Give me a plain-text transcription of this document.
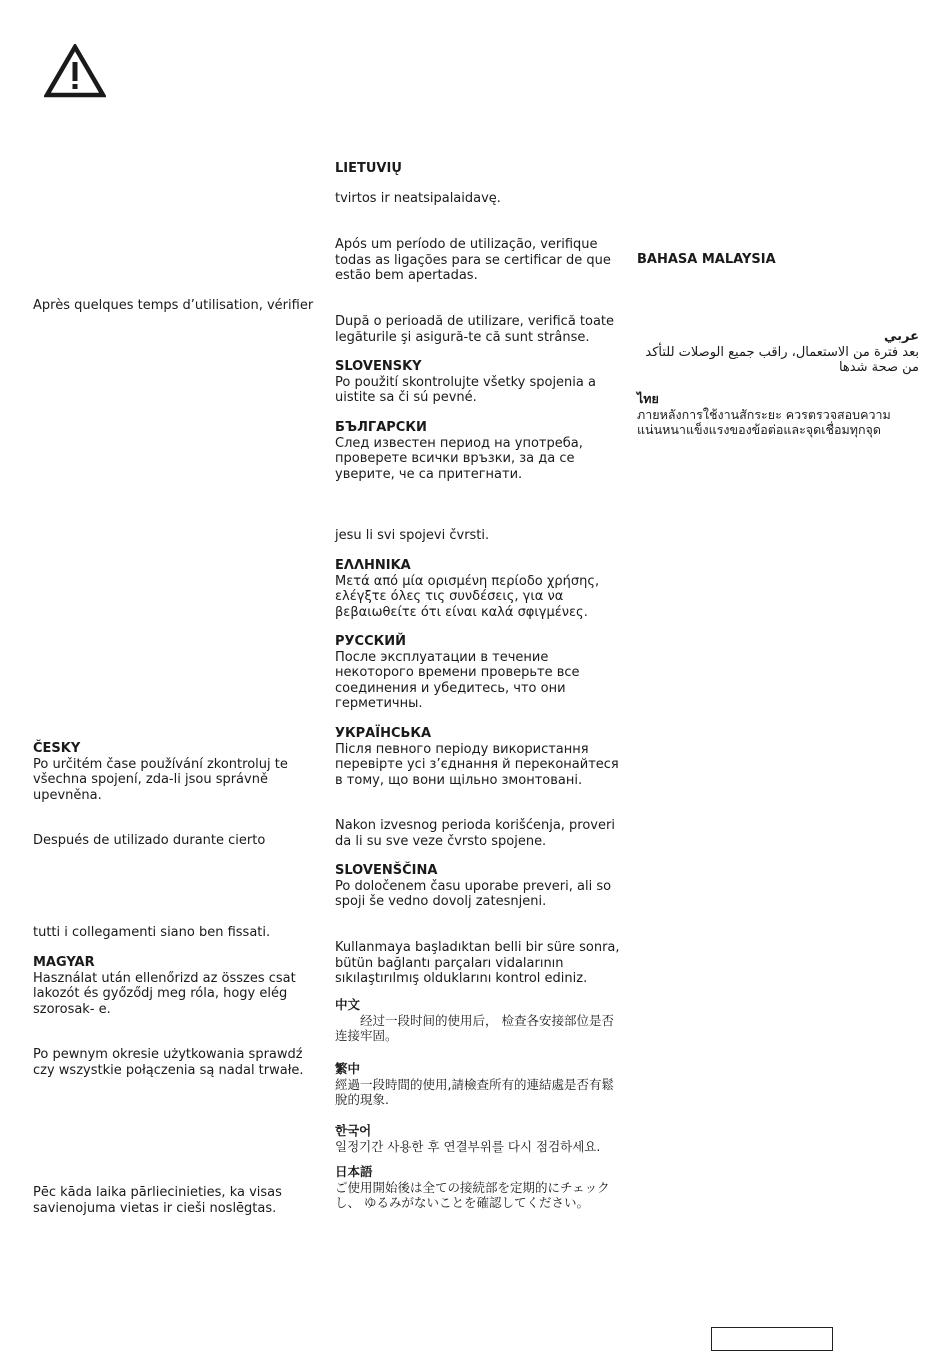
Après quelques temps d’utilisation, vérifier
ČESKY
Po určitém čase používání zkontroluj te všechna spojení, zda-li jsou správně upevněna.
Después de utilizado durante cierto
tutti i collegamenti siano ben fissati.
MAGYAR
Használat után ellenőrizd az összes csat lakozót és győződj meg róla, hogy elég szorosak- e.
Po pewnym okresie użytkowania sprawdź czy wszystkie połączenia są nadal trwałe.
Pēc kāda laika pārliecinieties, ka visas savienojuma vietas ir cieši noslēgtas.
LIETUVIŲ
tvirtos ir neatsipalaidavę.
Após um período de utilização, verifique todas as ligações para se certificar de que estão bem apertadas.
După o perioadă de utilizare, verifică toate legăturile şi asigură-te că sunt strânse.
SLOVENSKY
Po použití skontrolujte všetky spojenia a uistite sa či sú pevné.
БЪЛГАРСКИ
След известен период на употреба, проверете всички връзки, за да се уверите, че са притегнати.
jesu li svi spojevi čvrsti.
ΕΛΛΗΝΙΚΑ
Μετά από μία ορισμένη περίοδο χρήσης, ελέγξτε όλες τις συνδέσεις, για να βεβαιωθείτε ότι είναι καλά σφιγμένες.
РУССКИЙ
После эксплуатации в течение некоторого времени проверьте все соединения и убедитесь, что они герметичны.
УКРАЇНСЬКА
Після певного періоду використання перевірте усі з’єднання й переконайтеся в тому, що вони щільно змонтовані.
Nakon izvesnog perioda korišćenja, proveri da li su sve veze čvrsto spojene.
SLOVENŠČINA
Po določenem času uporabe preveri, ali so spoji še vedno dovolj zatesnjeni.
Kullanmaya başladıktan belli bir süre sonra, bütün bağlantı parçaları vidalarının sıkılaştırılmış olduklarını kontrol ediniz.
中文
　　经过一段时间的使用后， 检查各安接部位是否连接牢固。
繁中
經過一段時間的使用,請檢查所有的連結處是否有鬆脫的現象.
한국어
일정기간 사용한 후 연결부위를 다시 점검하세요.
日本語
ご使用開始後は全ての接続部を定期的にチェックし、 ゆるみがないことを確認してください。
BAHASA MALAYSIA
عربي
بعد فترة من الاستعمال، راقب جميع الوصلات للتأكد من صحة شدها
ไทย
ภายหลังการใช้งานสักระยะ ควรตรวจสอบความแน่นหนาแข็งแรงของข้อต่อและจุดเชื่อมทุกจุด
